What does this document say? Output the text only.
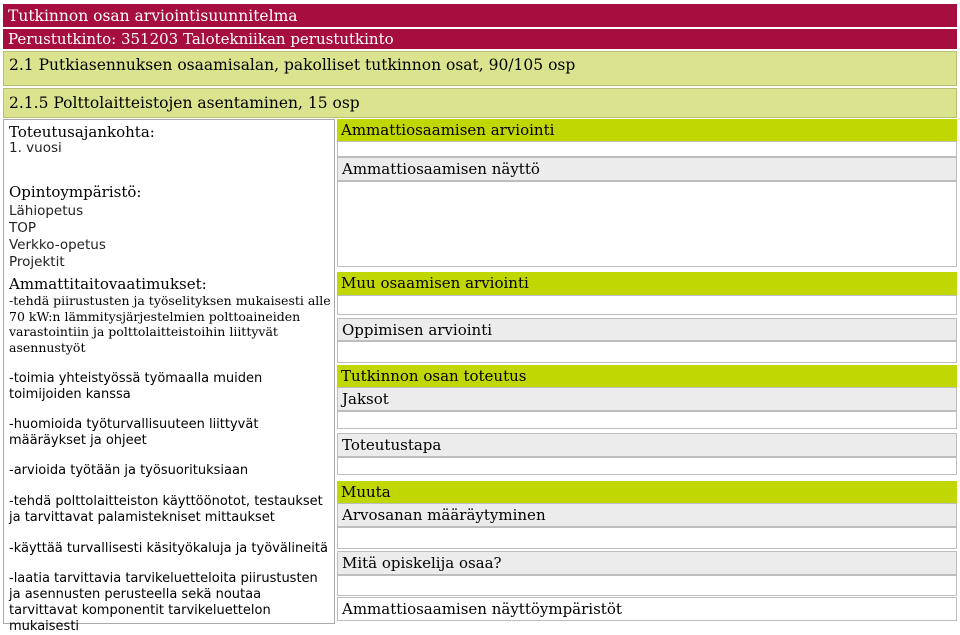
Tutkinnon osan arviointisuunnitelma
Perustutkinto: 351203 Talotekniikan perustutkinto
2.1 Putkiasennuksen osaamisalan, pakolliset tutkinnon osat, 90/105 osp
2.1.5 Polttolaitteistojen asentaminen, 15 osp
Toteutusajankohta:
1. vuosi
Opintoympäristö:
Lähiopetus
TOP
Verkko-opetus
Projektit
Ammattitaitovaatimukset:
-tehdä piirustusten ja työselityksen mukaisesti alle 70 kW:n lämmitysjärjestelmien polttoaineiden varastointiin ja polttolaitteistoihin liittyvät asennustyöt
-toimia yhteistyössä työmaalla muiden toimijoiden kanssa
-huomioida työturvallisuuteen liittyvät määräykset ja ohjeet
-arvioida työtään ja työsuorituksiaan
-tehdä polttolaitteiston käyttöönotot, testaukset ja tarvittavat palamistekniset mittaukset
-käyttää turvallisesti käsityökaluja ja työvälineitä
-laatia tarvittavia tarvikeluetteloita piirustusten ja asennusten perusteella sekä noutaa tarvittavat komponentit tarvikeluettelon mukaisesti
Ammattiosaamisen arviointi
Ammattiosaamisen näyttö
Muu osaamisen arviointi
Oppimisen arviointi
Tutkinnon osan toteutus
Jaksot
Toteutustapa
Muuta
Arvosanan määräytyminen
Mitä opiskelija osaa?
Ammattiosaamisen näyttöympäristöt
